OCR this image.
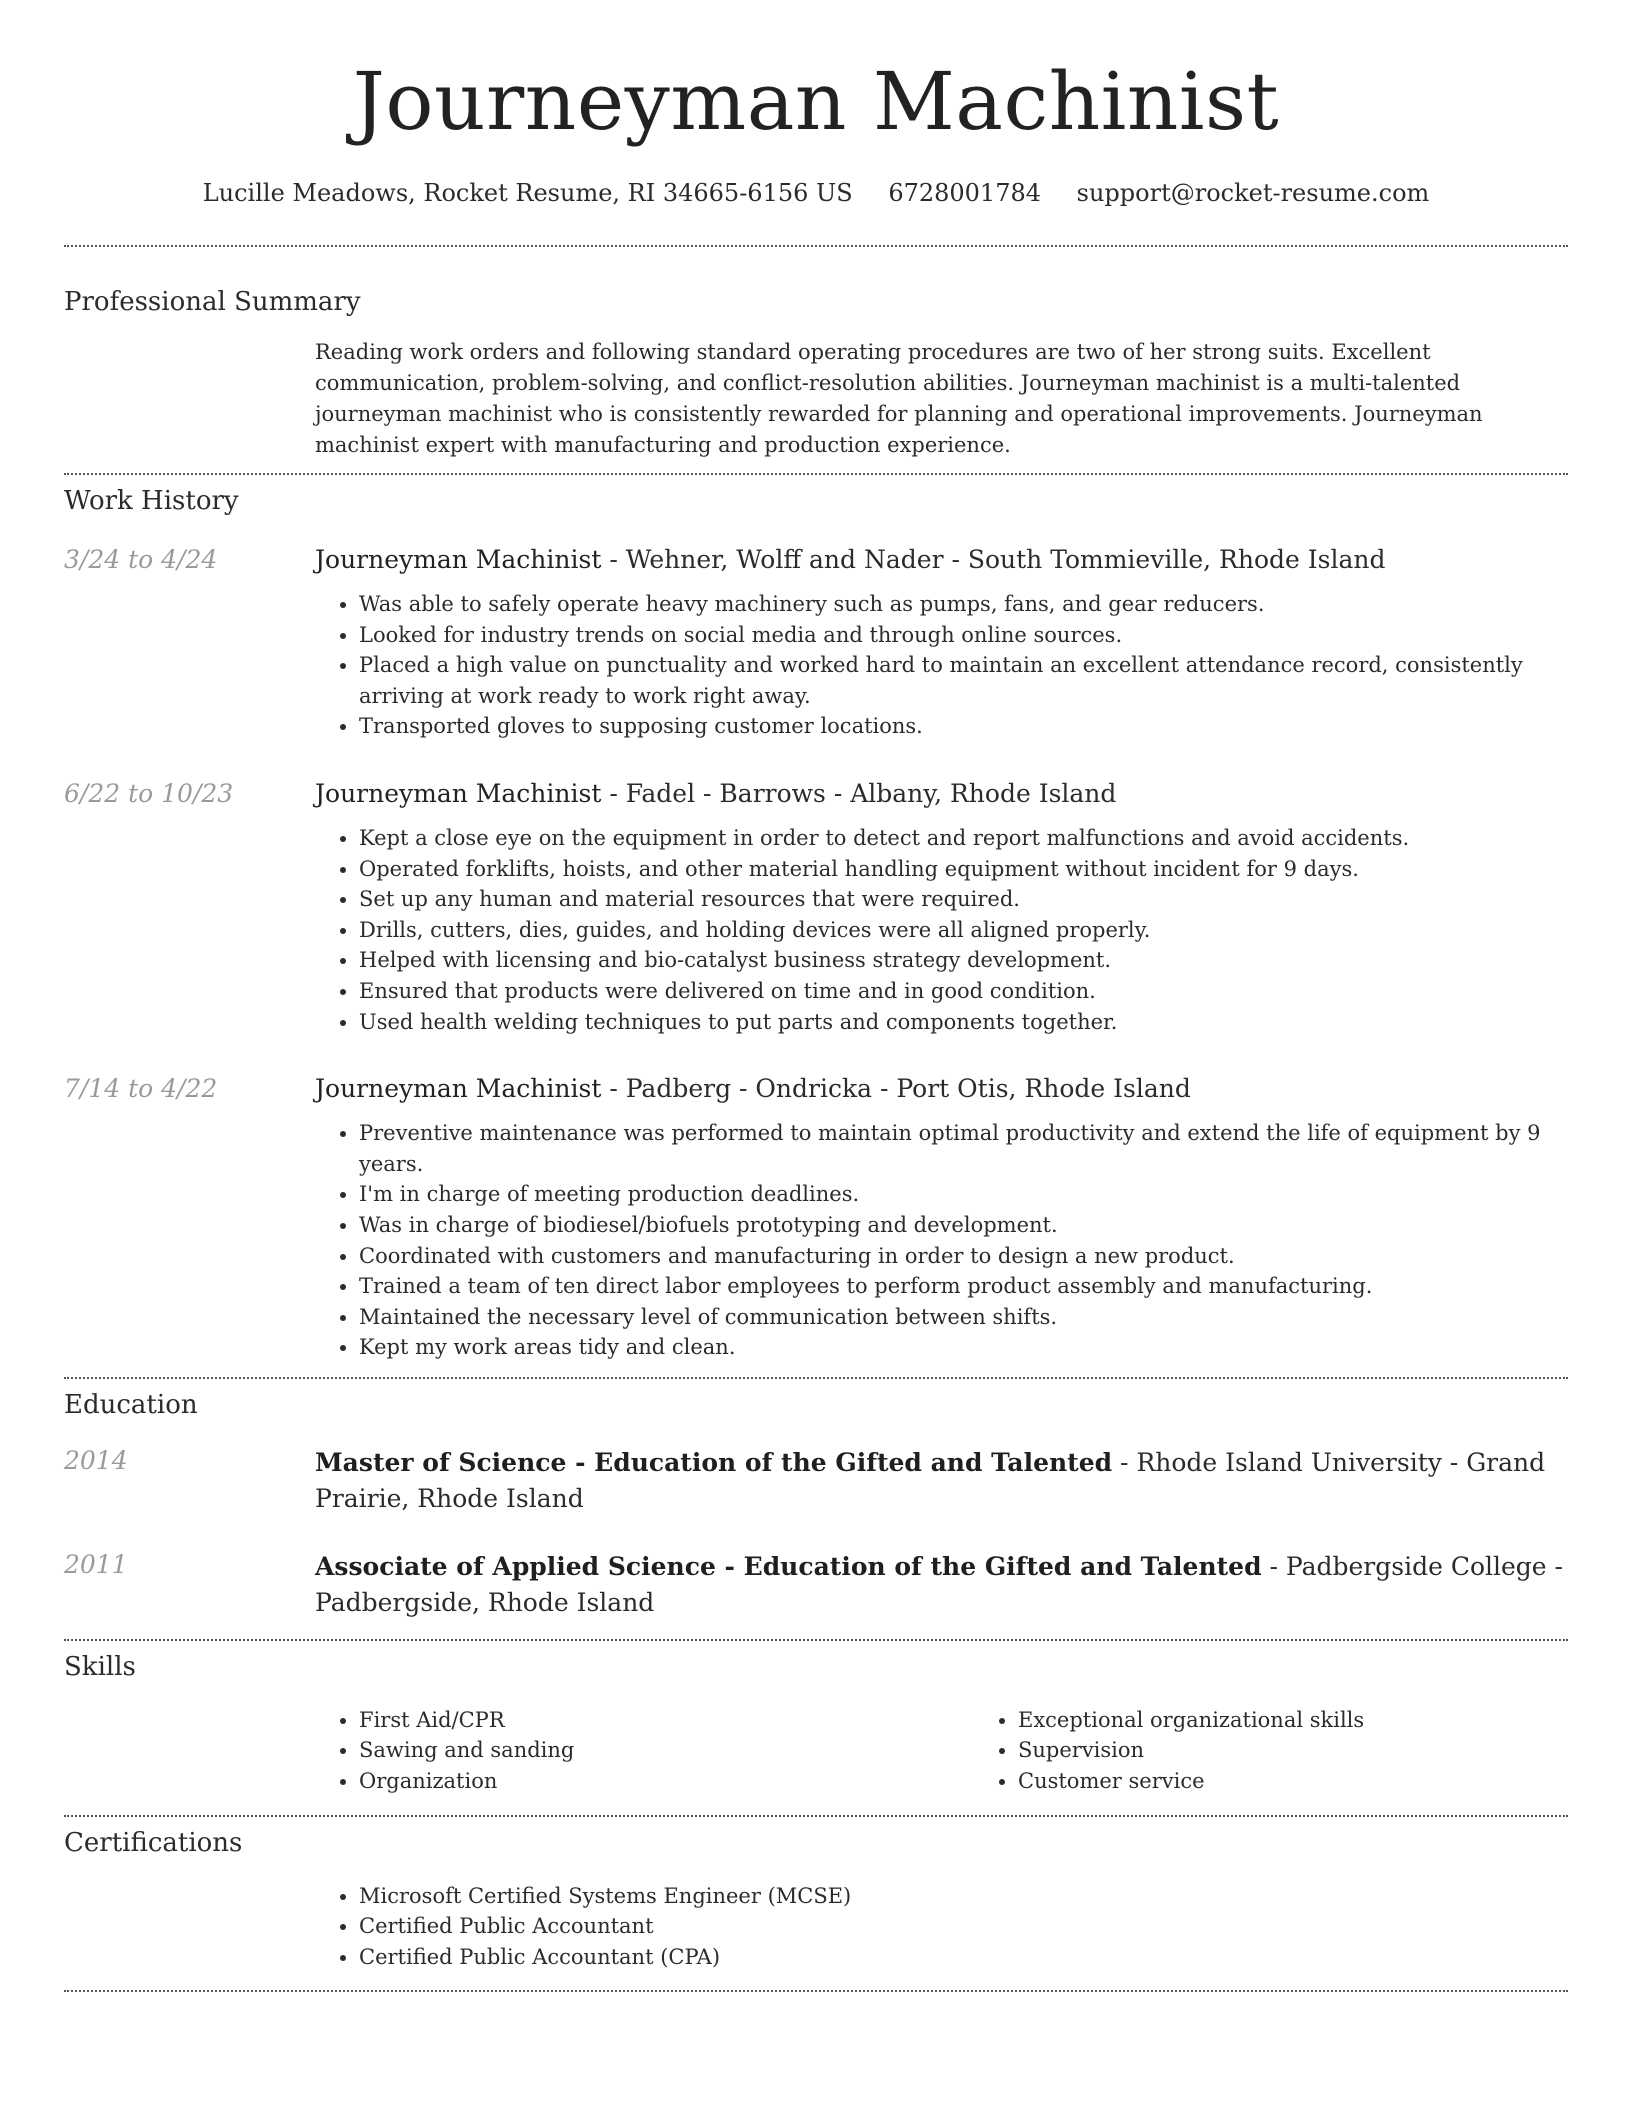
Journeyman Machinist
Lucille Meadows, Rocket Resume, RI 34665-6156 US 6728001784 support@rocket-resume.com
Professional Summary
Reading work orders and following standard operating procedures are two of her strong suits. Excellent communication, problem-solving, and conflict-resolution abilities. Journeyman machinist is a multi-talented journeyman machinist who is consistently rewarded for planning and operational improvements. Journeyman machinist expert with manufacturing and production experience.
Work History
3/24 to 4/24	Journeyman Machinist - Wehner, Wolff and Nader - South Tommieville, Rhode Island
• Was able to safely operate heavy machinery such as pumps, fans, and gear reducers.
• Looked for industry trends on social media and through online sources.
• Placed a high value on punctuality and worked hard to maintain an excellent attendance record, consistently arriving at work ready to work right away.
• Transported gloves to supposing customer locations.
6/22 to 10/23	Journeyman Machinist - Fadel - Barrows - Albany, Rhode Island
• Kept a close eye on the equipment in order to detect and report malfunctions and avoid accidents.
• Operated forklifts, hoists, and other material handling equipment without incident for 9 days.
• Set up any human and material resources that were required.
• Drills, cutters, dies, guides, and holding devices were all aligned properly.
• Helped with licensing and bio-catalyst business strategy development.
• Ensured that products were delivered on time and in good condition.
• Used health welding techniques to put parts and components together.
7/14 to 4/22	Journeyman Machinist - Padberg - Ondricka - Port Otis, Rhode Island
• Preventive maintenance was performed to maintain optimal productivity and extend the life of equipment by 9 years.
• I'm in charge of meeting production deadlines.
• Was in charge of biodiesel/biofuels prototyping and development.
• Coordinated with customers and manufacturing in order to design a new product.
• Trained a team of ten direct labor employees to perform product assembly and manufacturing.
• Maintained the necessary level of communication between shifts.
• Kept my work areas tidy and clean.
Education
2014	Master of Science - Education of the Gifted and Talented - Rhode Island University - Grand Prairie, Rhode Island
2011	Associate of Applied Science - Education of the Gifted and Talented - Padbergside College - Padbergside, Rhode Island
Skills
• First Aid/CPR
• Sawing and sanding
• Organization
• Exceptional organizational skills
• Supervision
• Customer service
Certifications
• Microsoft Certified Systems Engineer (MCSE)
• Certified Public Accountant
• Certified Public Accountant (CPA)
